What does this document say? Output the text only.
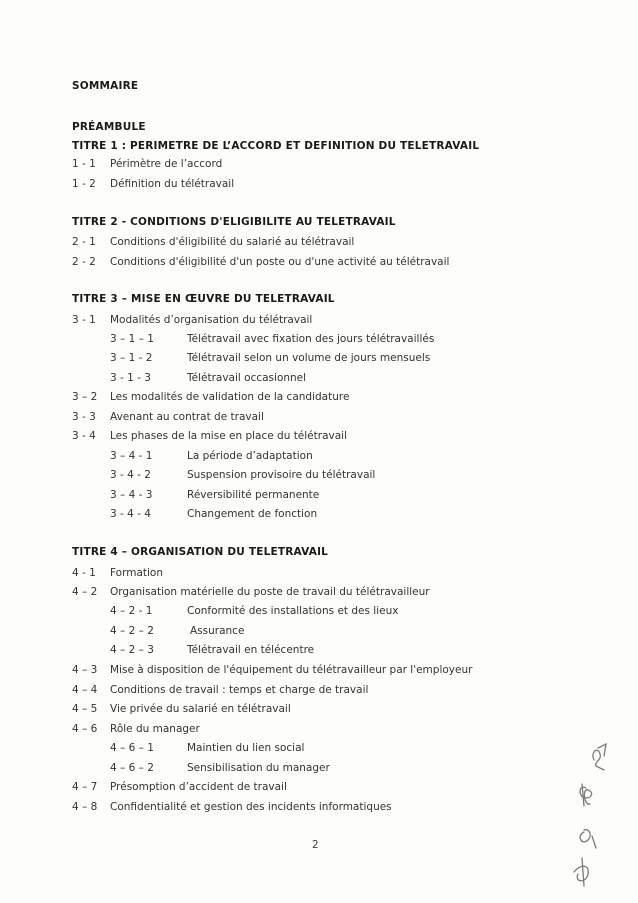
SOMMAIRE
PRÉAMBULE
TITRE 1 : PERIMETRE DE L’ACCORD ET DEFINITION DU TELETRAVAIL
1 - 1 Périmètre de l’accord
1 - 2 Définition du télétravail
TITRE 2 - CONDITIONS D'ELIGIBILITE AU TELETRAVAIL
2 - 1 Conditions d'éligibilité du salarié au télétravail
2 - 2 Conditions d'éligibilité d'un poste ou d'une activité au télétravail
TITRE 3 – MISE EN ŒUVRE DU TELETRAVAIL
3 - 1 Modalités d’organisation du télétravail
3 – 1 – 1	Télétravail avec fixation des jours télétravaillés
3 – 1 - 2	Télétravail selon un volume de jours mensuels
3 - 1 - 3	Télétravail occasionnel
3 – 2 Les modalités de validation de la candidature
3 - 3 Avenant au contrat de travail
3 - 4 Les phases de la mise en place du télétravail
3 – 4 - 1	La période d’adaptation
3 - 4 - 2	Suspension provisoire du télétravail
3 – 4 - 3	Réversibilité permanente
3 - 4 - 4	Changement de fonction
TITRE 4 – ORGANISATION DU TELETRAVAIL
4 - 1 Formation
4 – 2 Organisation matérielle du poste de travail du télétravailleur
4 – 2 - 1	Conformité des installations et des lieux
4 – 2 – 2	Assurance
4 – 2 – 3	Télétravail en télécentre
4 – 3 Mise à disposition de l'équipement du télétravailleur par l'employeur
4 – 4 Conditions de travail : temps et charge de travail
4 – 5 Vie privée du salarié en télétravail
4 – 6 Rôle du manager
4 – 6 – 1	Maintien du lien social
4 – 6 – 2	Sensibilisation du manager
4 – 7 Présomption d’accident de travail
4 – 8 Confidentialité et gestion des incidents informatiques
2
